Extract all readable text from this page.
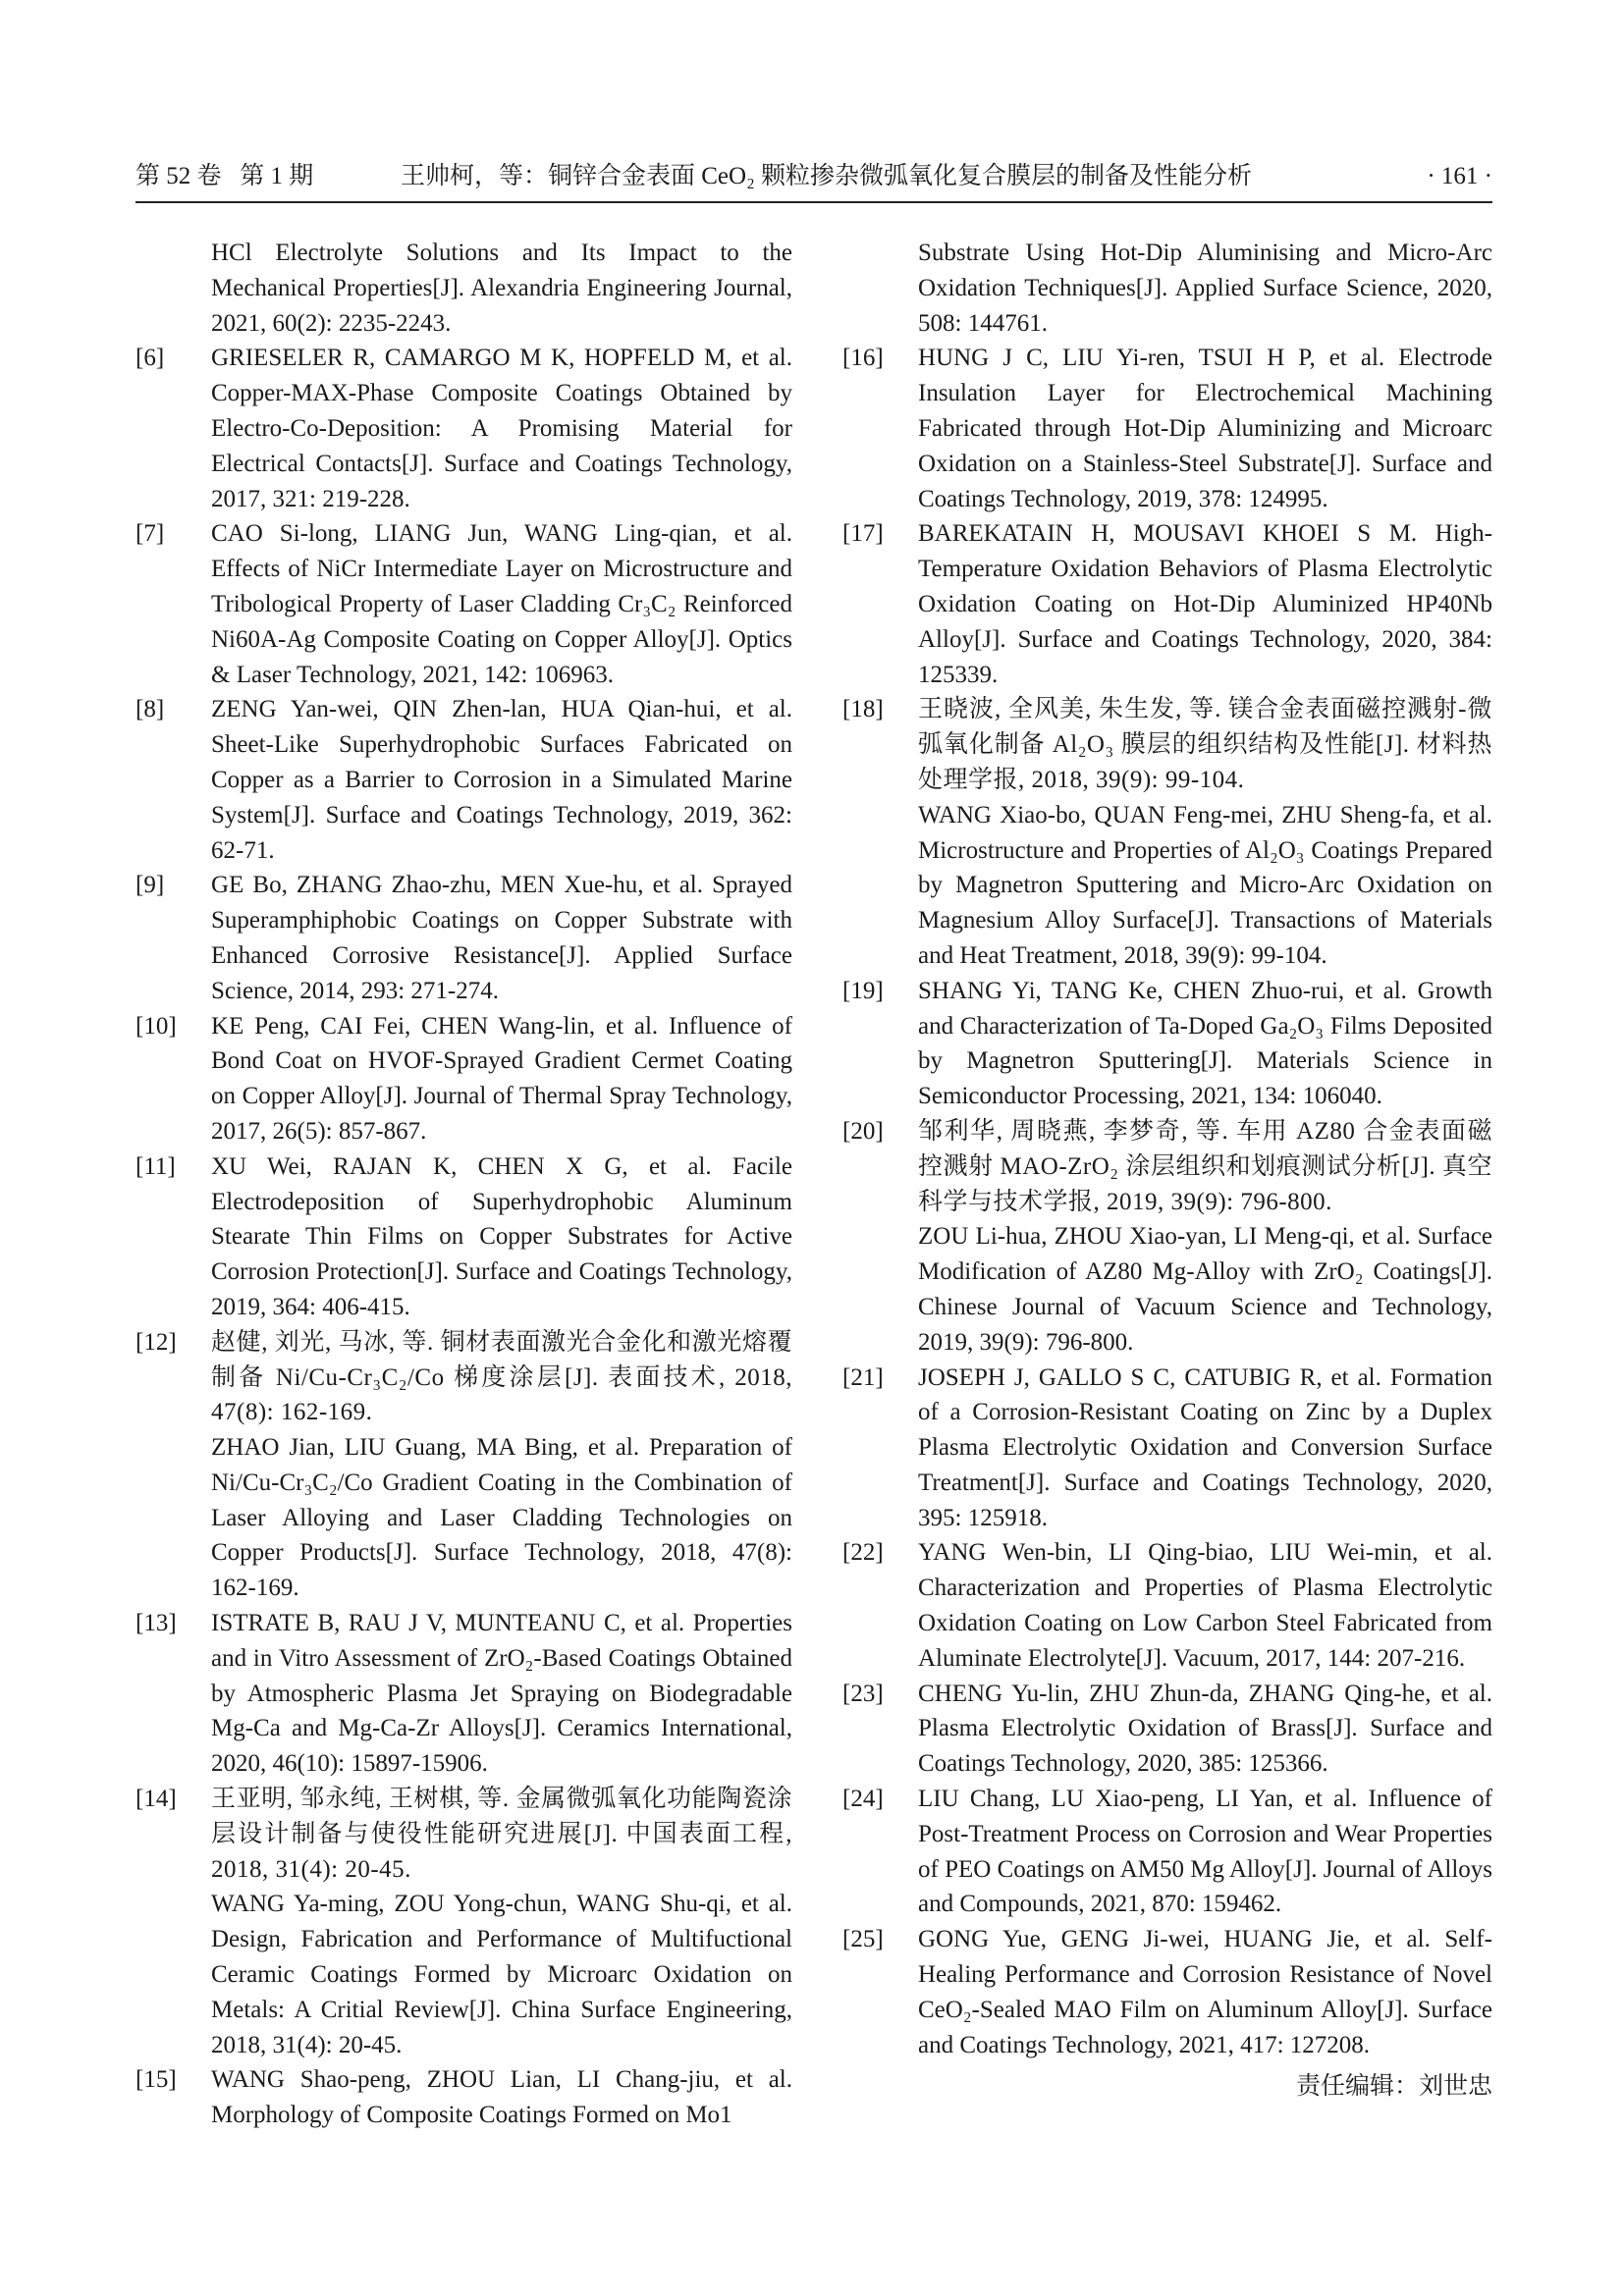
第 52 卷   第 1 期	王帅柯，等：铜锌合金表面 CeO₂ 颗粒掺杂微弧氧化复合膜层的制备及性能分析	· 161 ·
HCl Electrolyte Solutions and Its Impact to the Mechanical Properties[J]. Alexandria Engineering Journal, 2021, 60(2): 2235-2243.
[6]	GRIESELER R, CAMARGO M K, HOPFELD M, et al. Copper-MAX-Phase Composite Coatings Obtained by Electro-Co-Deposition: A Promising Material for Electrical Contacts[J]. Surface and Coatings Technology, 2017, 321: 219-228.

[7]	CAO Si-long, LIANG Jun, WANG Ling-qian, et al. Effects of NiCr Intermediate Layer on Microstructure and Tribological Property of Laser Cladding Cr₃C₂ Reinforced Ni60A-Ag Composite Coating on Copper Alloy[J]. Optics & Laser Technology, 2021, 142: 106963.

[8]	ZENG Yan-wei, QIN Zhen-lan, HUA Qian-hui, et al. Sheet-Like Superhydrophobic Surfaces Fabricated on Copper as a Barrier to Corrosion in a Simulated Marine System[J]. Surface and Coatings Technology, 2019, 362: 62-71.

[9]	GE Bo, ZHANG Zhao-zhu, MEN Xue-hu, et al. Sprayed Superamphiphobic Coatings on Copper Substrate with Enhanced Corrosive Resistance[J]. Applied Surface Science, 2014, 293: 271-274.

[10]	KE Peng, CAI Fei, CHEN Wang-lin, et al. Influence of Bond Coat on HVOF-Sprayed Gradient Cermet Coating on Copper Alloy[J]. Journal of Thermal Spray Technology, 2017, 26(5): 857-867.

[11]	XU Wei, RAJAN K, CHEN X G, et al. Facile Electrodeposition of Superhydrophobic Aluminum Stearate Thin Films on Copper Substrates for Active Corrosion Protection[J]. Surface and Coatings Technology, 2019, 364: 406-415.

[12]	赵健, 刘光, 马冰, 等. 铜材表面激光合金化和激光熔覆制备 Ni/Cu-Cr₃C₂/Co 梯度涂层[J]. 表面技术, 2018, 47(8): 162-169.

ZHAO Jian, LIU Guang, MA Bing, et al. Preparation of Ni/Cu-Cr₃C₂/Co Gradient Coating in the Combination of Laser Alloying and Laser Cladding Technologies on Copper Products[J]. Surface Technology, 2018, 47(8): 162-169.

[13]	ISTRATE B, RAU J V, MUNTEANU C, et al. Properties and in Vitro Assessment of ZrO₂-Based Coatings Obtained by Atmospheric Plasma Jet Spraying on Biodegradable Mg-Ca and Mg-Ca-Zr Alloys[J]. Ceramics International, 2020, 46(10): 15897-15906.

[14]	王亚明, 邹永纯, 王树棋, 等. 金属微弧氧化功能陶瓷涂层设计制备与使役性能研究进展[J]. 中国表面工程, 2018, 31(4): 20-45.

WANG Ya-ming, ZOU Yong-chun, WANG Shu-qi, et al. Design, Fabrication and Performance of Multifuctional Ceramic Coatings Formed by Microarc Oxidation on Metals: A Critial Review[J]. China Surface Engineering, 2018, 31(4): 20-45.

[15]	WANG Shao-peng, ZHOU Lian, LI Chang-jiu, et al. Morphology of Composite Coatings Formed on Mo1

Substrate Using Hot-Dip Aluminising and Micro-Arc Oxidation Techniques[J]. Applied Surface Science, 2020, 508: 144761.
[16]	HUNG J C, LIU Yi-ren, TSUI H P, et al. Electrode Insulation Layer for Electrochemical Machining Fabricated through Hot-Dip Aluminizing and Microarc Oxidation on a Stainless-Steel Substrate[J]. Surface and Coatings Technology, 2019, 378: 124995.

[17]	BAREKATAIN H, MOUSAVI KHOEI S M. High-Temperature Oxidation Behaviors of Plasma Electrolytic Oxidation Coating on Hot-Dip Aluminized HP40Nb Alloy[J]. Surface and Coatings Technology, 2020, 384: 125339.

[18]	王晓波, 全风美, 朱生发, 等. 镁合金表面磁控溅射-微弧氧化制备 Al₂O₃ 膜层的组织结构及性能[J]. 材料热处理学报, 2018, 39(9): 99-104.

WANG Xiao-bo, QUAN Feng-mei, ZHU Sheng-fa, et al. Microstructure and Properties of Al₂O₃ Coatings Prepared by Magnetron Sputtering and Micro-Arc Oxidation on Magnesium Alloy Surface[J]. Transactions of Materials and Heat Treatment, 2018, 39(9): 99-104.

[19]	SHANG Yi, TANG Ke, CHEN Zhuo-rui, et al. Growth and Characterization of Ta-Doped Ga₂O₃ Films Deposited by Magnetron Sputtering[J]. Materials Science in Semiconductor Processing, 2021, 134: 106040.

[20]	邹利华, 周晓燕, 李梦奇, 等. 车用 AZ80 合金表面磁控溅射 MAO-ZrO₂ 涂层组织和划痕测试分析[J]. 真空科学与技术学报, 2019, 39(9): 796-800.

ZOU Li-hua, ZHOU Xiao-yan, LI Meng-qi, et al. Surface Modification of AZ80 Mg-Alloy with ZrO₂ Coatings[J]. Chinese Journal of Vacuum Science and Technology, 2019, 39(9): 796-800.

[21]	JOSEPH J, GALLO S C, CATUBIG R, et al. Formation of a Corrosion-Resistant Coating on Zinc by a Duplex Plasma Electrolytic Oxidation and Conversion Surface Treatment[J]. Surface and Coatings Technology, 2020, 395: 125918.

[22]	YANG Wen-bin, LI Qing-biao, LIU Wei-min, et al. Characterization and Properties of Plasma Electrolytic Oxidation Coating on Low Carbon Steel Fabricated from Aluminate Electrolyte[J]. Vacuum, 2017, 144: 207-216.

[23]	CHENG Yu-lin, ZHU Zhun-da, ZHANG Qing-he, et al. Plasma Electrolytic Oxidation of Brass[J]. Surface and Coatings Technology, 2020, 385: 125366.

[24]	LIU Chang, LU Xiao-peng, LI Yan, et al. Influence of Post-Treatment Process on Corrosion and Wear Properties of PEO Coatings on AM50 Mg Alloy[J]. Journal of Alloys and Compounds, 2021, 870: 159462.

[25]	GONG Yue, GENG Ji-wei, HUANG Jie, et al. Self-Healing Performance and Corrosion Resistance of Novel CeO₂-Sealed MAO Film on Aluminum Alloy[J]. Surface and Coatings Technology, 2021, 417: 127208.

责任编辑：刘世忠
